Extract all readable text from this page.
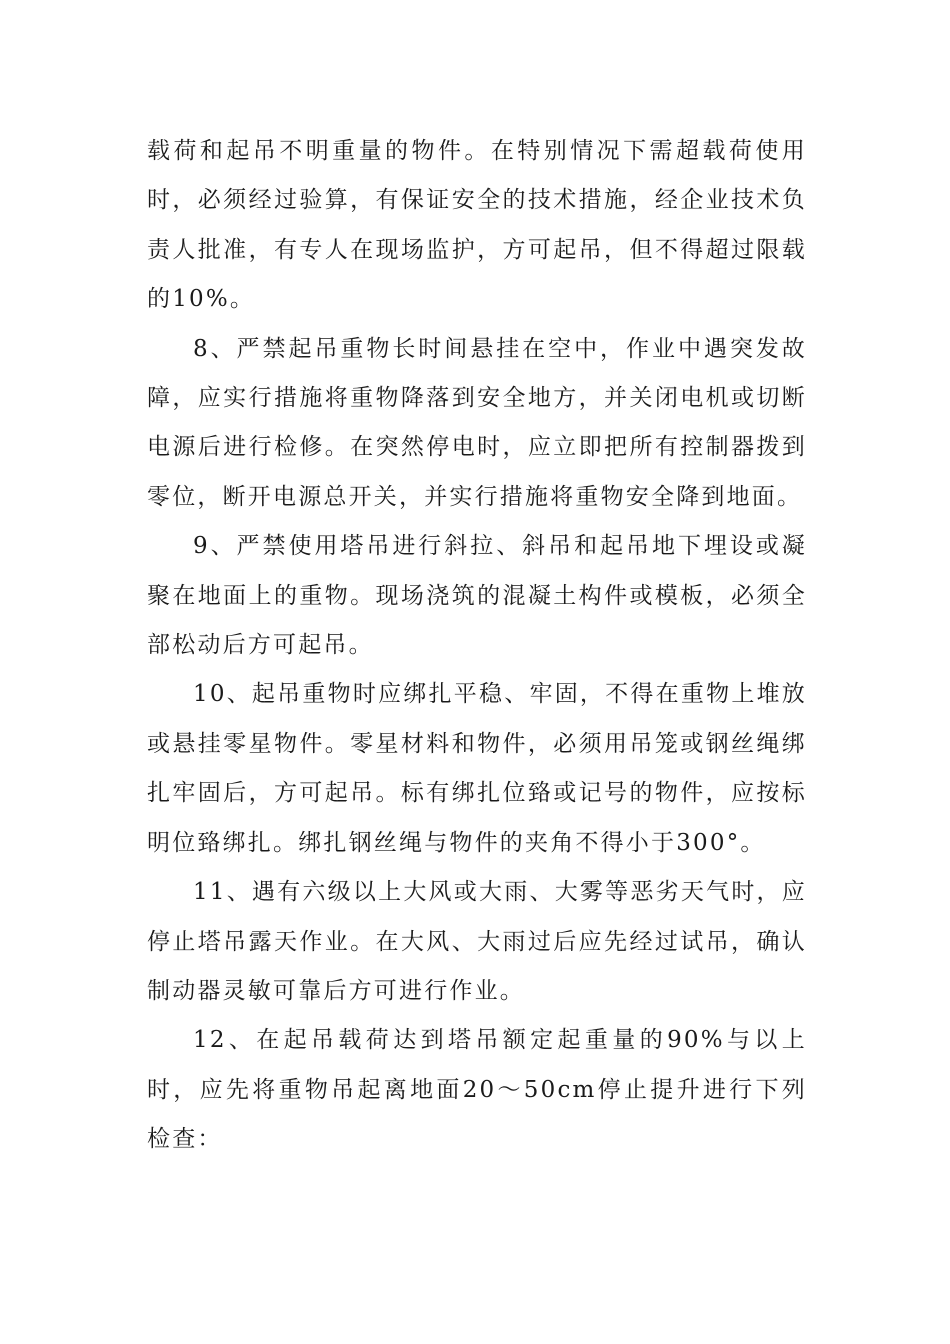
载荷和起吊不明重量的物件。在特别情况下需超载荷使用时，必须经过验算，有保证安全的技术措施，经企业技术负责人批准，有专人在现场监护，方可起吊，但不得超过限载的10%。

8、严禁起吊重物长时间悬挂在空中，作业中遇突发故障，应实行措施将重物降落到安全地方，并关闭电机或切断电源后进行检修。在突然停电时，应立即把所有控制器拨到零位，断开电源总开关，并实行措施将重物安全降到地面。

9、严禁使用塔吊进行斜拉、斜吊和起吊地下埋设或凝聚在地面上的重物。现场浇筑的混凝土构件或模板，必须全部松动后方可起吊。

10、起吊重物时应绑扎平稳、牢固，不得在重物上堆放或悬挂零星物件。零星材料和物件，必须用吊笼或钢丝绳绑扎牢固后，方可起吊。标有绑扎位臵或记号的物件，应按标明位臵绑扎。绑扎钢丝绳与物件的夹角不得小于300°。

11、遇有六级以上大风或大雨、大雾等恶劣天气时，应停止塔吊露天作业。在大风、大雨过后应先经过试吊，确认制动器灵敏可靠后方可进行作业。

12、在起吊载荷达到塔吊额定起重量的90%与以上时，应先将重物吊起离地面20～50cm停止提升进行下列检查：
